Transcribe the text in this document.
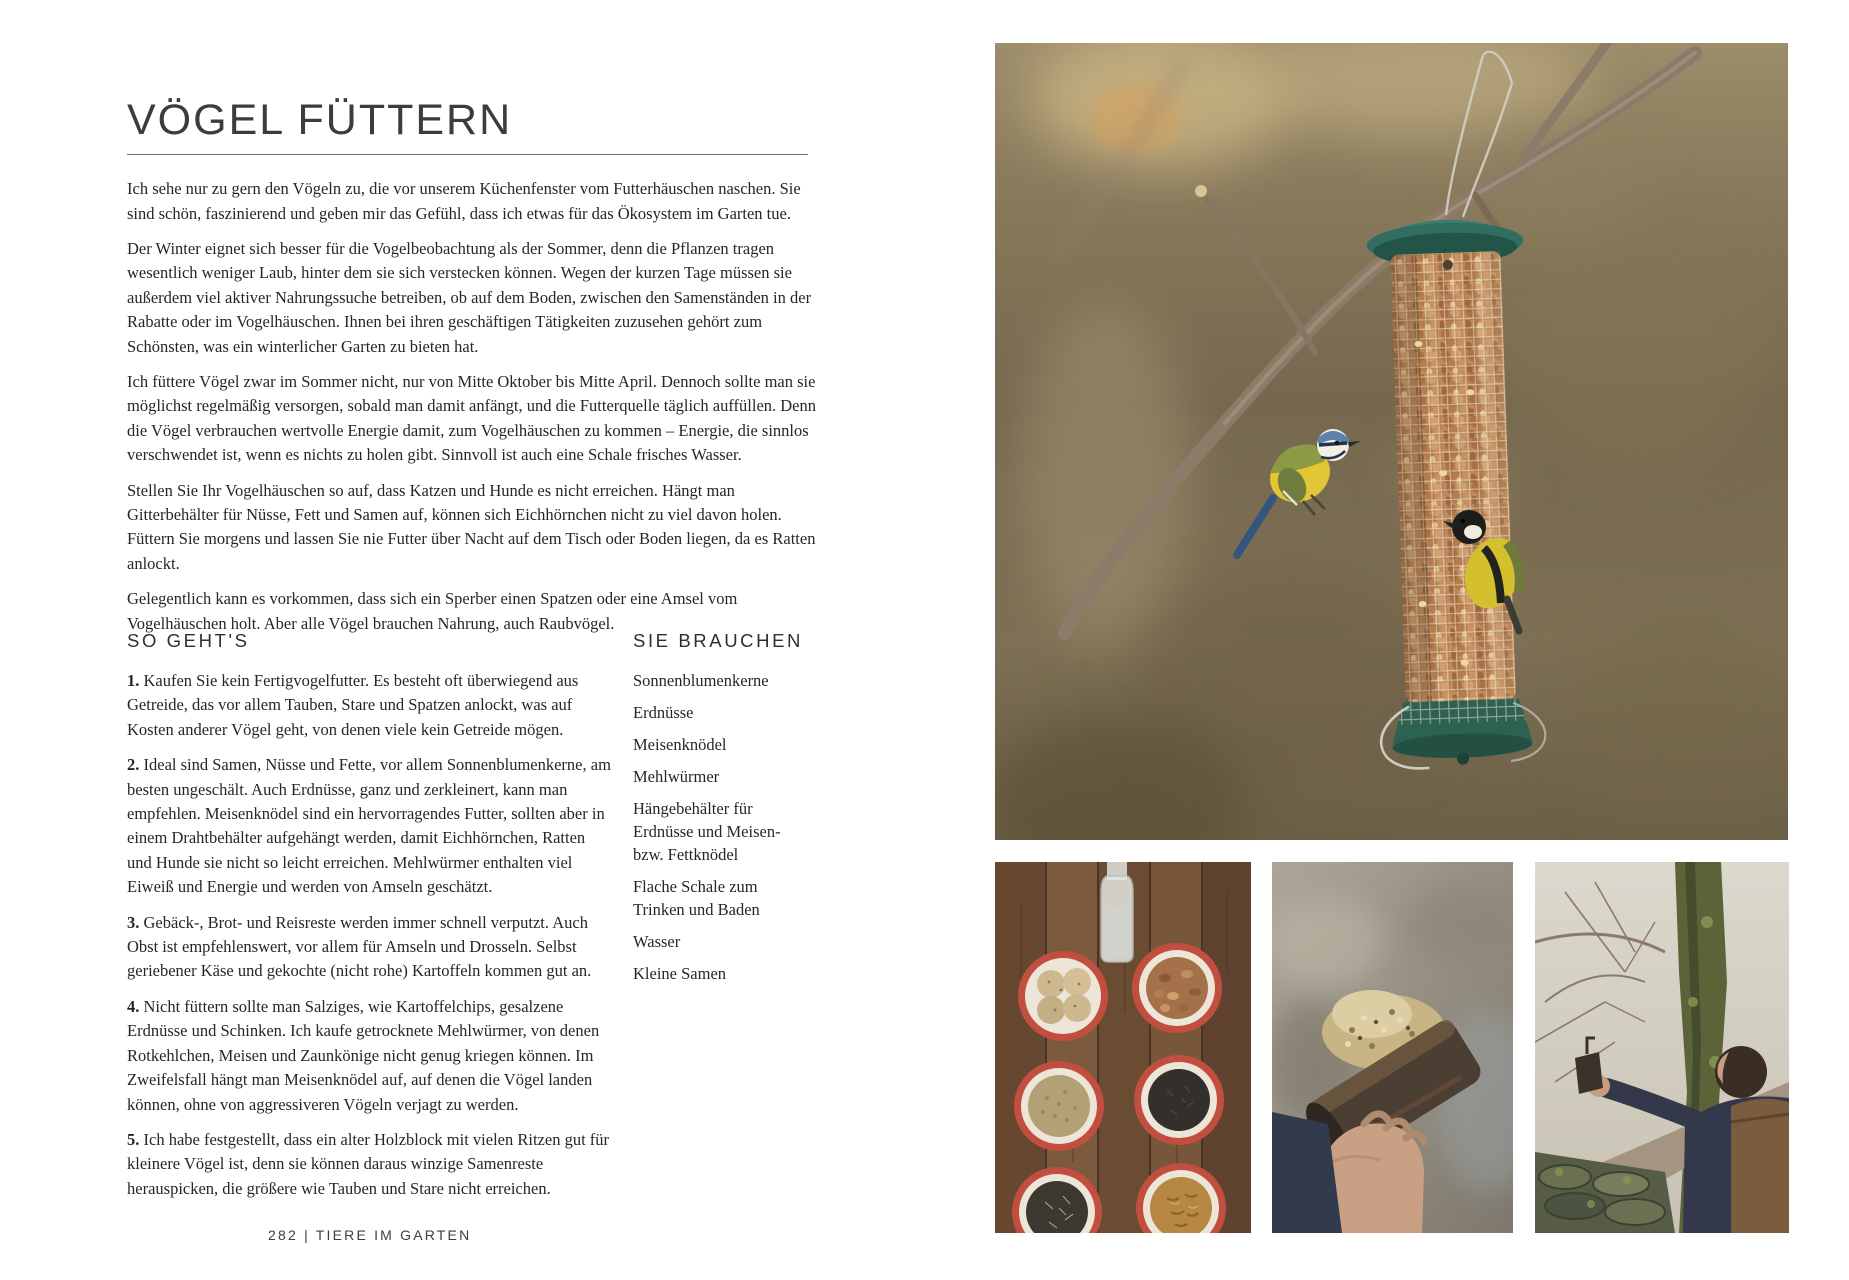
VÖGEL FÜTTERN

Ich sehe nur zu gern den Vögeln zu, die vor unserem Küchenfenster vom Futterhäuschen naschen. Sie sind schön, faszinierend und geben mir das Gefühl, dass ich etwas für das Ökosystem im Garten tue.

Der Winter eignet sich besser für die Vogelbeobachtung als der Sommer, denn die Pflanzen tragen wesentlich weniger Laub, hinter dem sie sich verstecken können. Wegen der kurzen Tage müssen sie außerdem viel aktiver Nahrungssuche betreiben, ob auf dem Boden, zwischen den Samenständen in der Rabatte oder im Vogelhäuschen. Ihnen bei ihren geschäftigen Tätigkeiten zuzusehen gehört zum Schönsten, was ein winterlicher Garten zu bieten hat.

Ich füttere Vögel zwar im Sommer nicht, nur von Mitte Oktober bis Mitte April. Dennoch sollte man sie möglichst regelmäßig versorgen, sobald man damit anfängt, und die Futterquelle täglich auffüllen. Denn die Vögel verbrauchen wertvolle Energie damit, zum Vogelhäuschen zu kommen – Energie, die sinnlos verschwendet ist, wenn es nichts zu holen gibt. Sinnvoll ist auch eine Schale frisches Wasser.

Stellen Sie Ihr Vogelhäuschen so auf, dass Katzen und Hunde es nicht erreichen. Hängt man Gitterbehälter für Nüsse, Fett und Samen auf, können sich Eichhörnchen nicht zu viel davon holen. Füttern Sie morgens und lassen Sie nie Futter über Nacht auf dem Tisch oder Boden liegen, da es Ratten anlockt.

Gelegentlich kann es vorkommen, dass sich ein Sperber einen Spatzen oder eine Amsel vom Vogelhäuschen holt. Aber alle Vögel brauchen Nahrung, auch Raubvögel.

SO GEHT'S

1. Kaufen Sie kein Fertigvogelfutter. Es besteht oft überwiegend aus Getreide, das vor allem Tauben, Stare und Spatzen anlockt, was auf Kosten anderer Vögel geht, von denen viele kein Getreide mögen.

2. Ideal sind Samen, Nüsse und Fette, vor allem Sonnenblumenkerne, am besten ungeschält. Auch Erdnüsse, ganz und zerkleinert, kann man empfehlen. Meisenknödel sind ein hervorragendes Futter, sollten aber in einem Drahtbehälter aufgehängt werden, damit Eichhörnchen, Ratten und Hunde sie nicht so leicht erreichen. Mehlwürmer enthalten viel Eiweiß und Energie und werden von Amseln geschätzt.

3. Gebäck-, Brot- und Reisreste werden immer schnell verputzt. Auch Obst ist empfehlenswert, vor allem für Amseln und Drosseln. Selbst geriebener Käse und gekochte (nicht rohe) Kartoffeln kommen gut an.

4. Nicht füttern sollte man Salziges, wie Kartoffelchips, gesalzene Erdnüsse und Schinken. Ich kaufe getrocknete Mehlwürmer, von denen Rotkehlchen, Meisen und Zaunkönige nicht genug kriegen können. Im Zweifelsfall hängt man Meisenknödel auf, auf denen die Vögel landen können, ohne von aggressiveren Vögeln verjagt zu werden.

5. Ich habe festgestellt, dass ein alter Holzblock mit vielen Ritzen gut für kleinere Vögel ist, denn sie können daraus winzige Samenreste herauspicken, die größere wie Tauben und Stare nicht erreichen.

SIE BRAUCHEN

Sonnenblumenkerne

Erdnüsse

Meisenknödel

Mehlwürmer

Hängebehälter für Erdnüsse und Meisen- bzw. Fettknödel

Flache Schale zum Trinken und Baden

Wasser

Kleine Samen

282 | TIERE IM GARTEN
